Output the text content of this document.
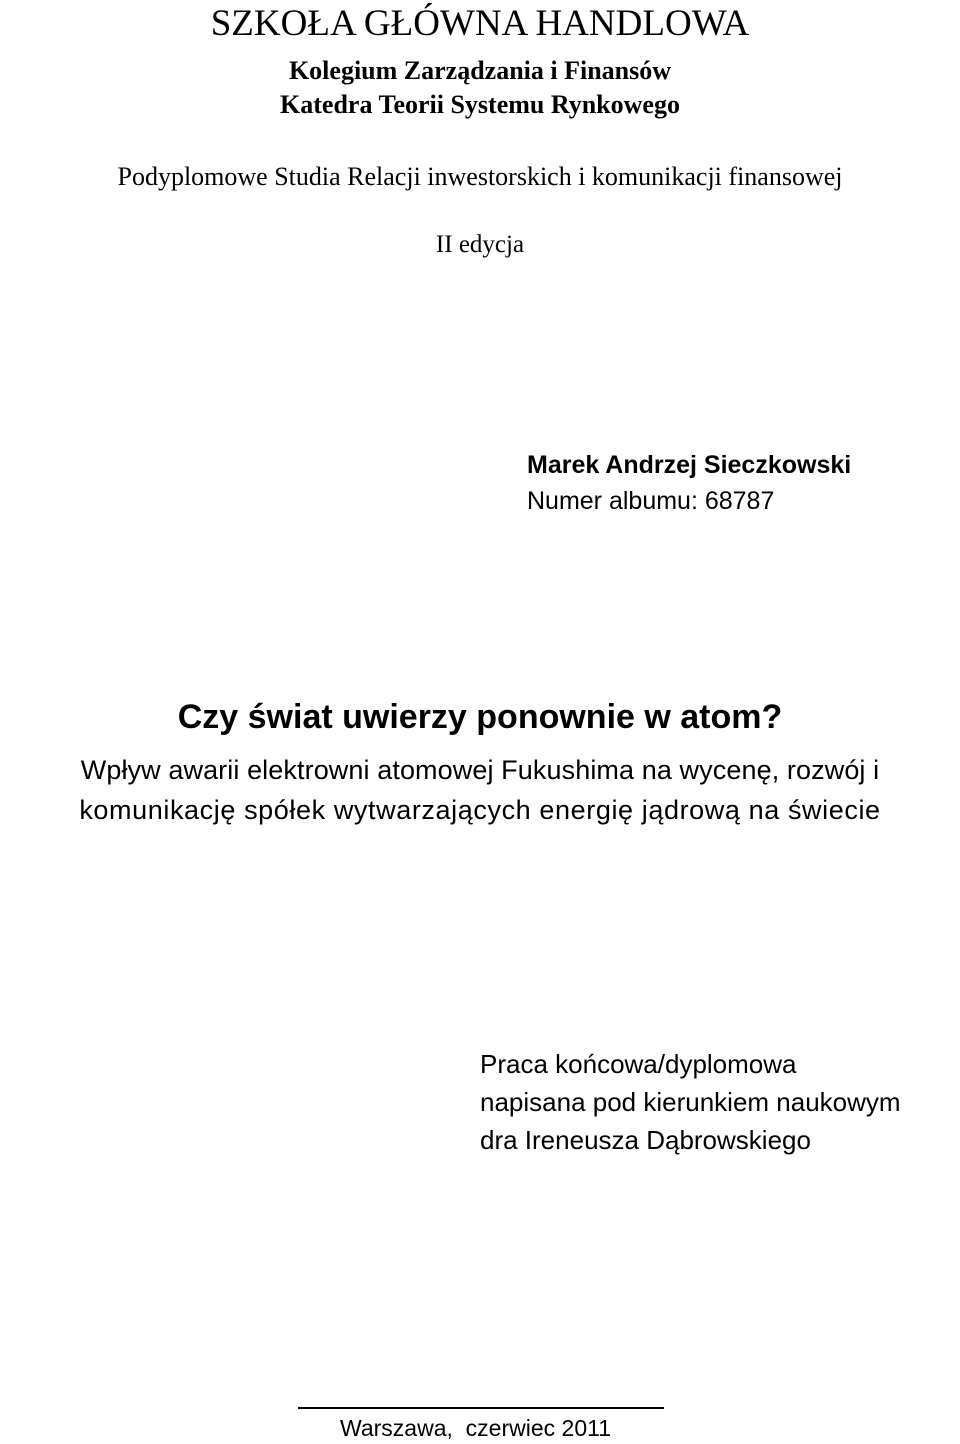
SZKOŁA GŁÓWNA HANDLOWA

Kolegium Zarządzania i Finansów

Katedra Teorii Systemu Rynkowego

Podyplomowe Studia Relacji inwestorskich i komunikacji finansowej

II edycja

Marek Andrzej Sieczkowski

Numer albumu: 68787

Czy świat uwierzy ponownie w atom?

Wpływ awarii elektrowni atomowej Fukushima na wycenę, rozwój i

komunikację spółek wytwarzających energię jądrową na świecie

Praca końcowa/dyplomowa

napisana pod kierunkiem naukowym

dra Ireneusza Dąbrowskiego

Warszawa,  czerwiec 2011
